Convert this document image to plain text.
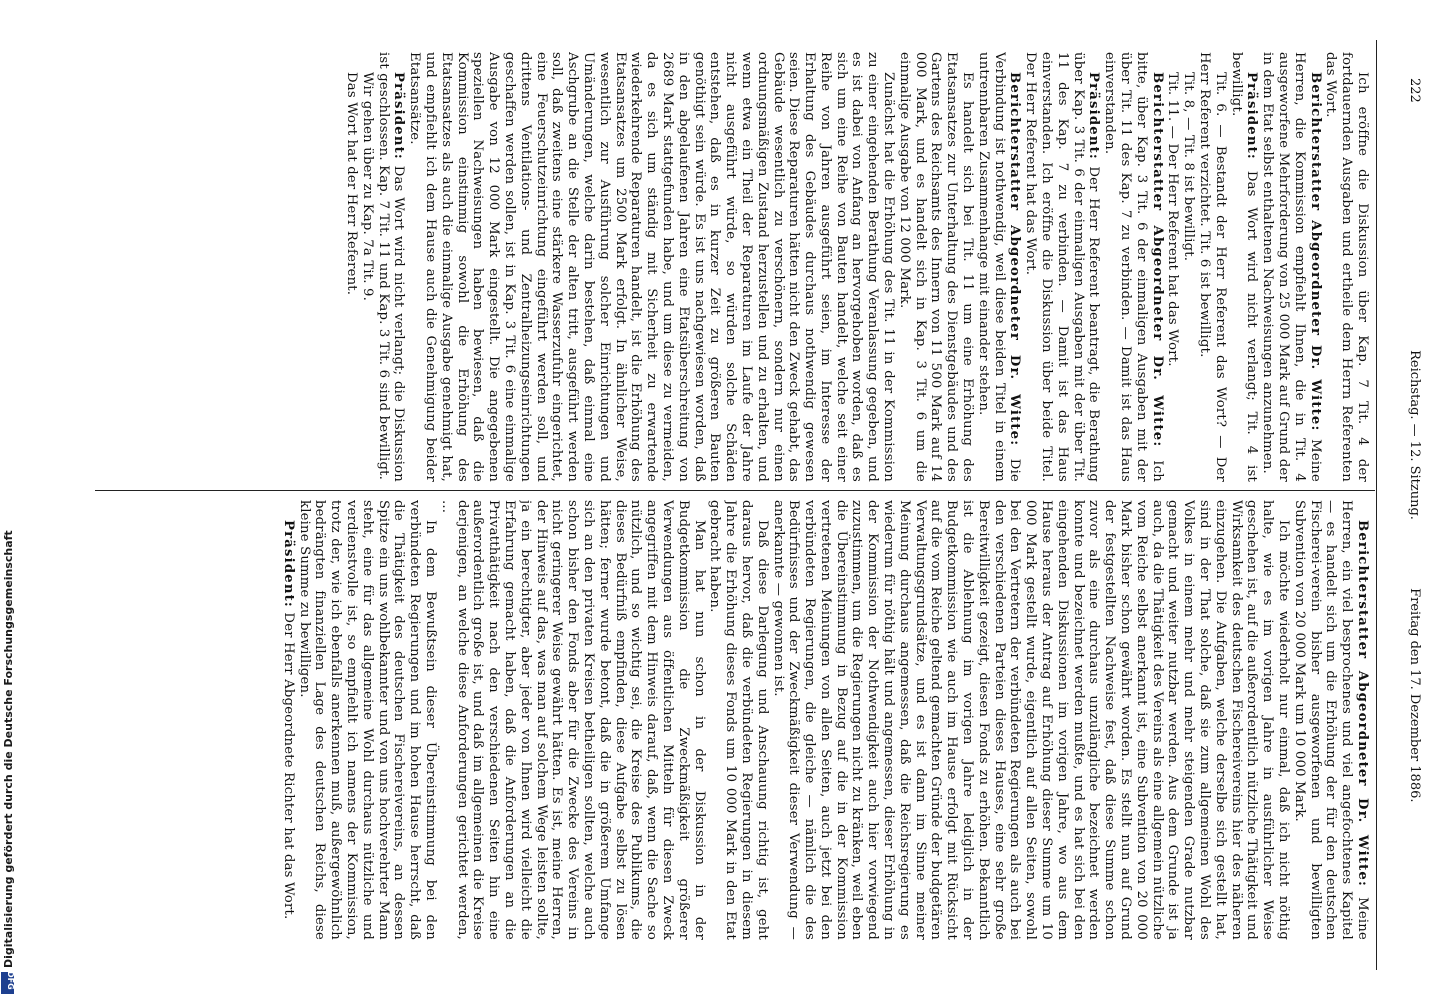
222 Reichstag. — 12. Sitzung. Freitag den 17. Dezember 1886.

Ich eröffne die Diskussion über Kap. 7 Tit. 4 der fortdauernden Ausgaben und ertheile dem Herrn Referenten das Wort.

Berichterstatter Abgeordneter Dr. Witte: Meine Herren, die Kommission empfiehlt Ihnen, die in Tit. 4 ausgeworfene Mehrforderung von 25 000 Mark auf Grund der in dem Etat selbst enthaltenen Nachweisungen anzunehmen.

Präsident: Das Wort wird nicht verlangt; Tit. 4 ist bewilligt.

Tit. 6. — Bestandt der Herr Referent das Wort? — Der Herr Referent verzichtet. Tit. 6 ist bewilligt.

Tit. 8, — Tit. 8 ist bewilligt.

Tit. 11. — Der Herr Referent hat das Wort.

Berichterstatter Abgeordneter Dr. Witte: Ich bitte, über Kap. 3 Tit. 6 der einmaligen Ausgaben mit der über Tit. 11 des Kap. 7 zu verbinden. — Damit ist das Haus einverstanden.

Präsident: Der Herr Referent beantragt, die Berathung über Kap. 3 Tit. 6 der einmaligen Ausgaben mit der über Tit. 11 des Kap. 7 zu verbinden. — Damit ist das Haus einverstanden. Ich eröffne die Diskussion über beide Titel. Der Herr Referent hat das Wort.

Berichterstatter Abgeordneter Dr. Witte: Die Verbindung ist nothwendig, weil diese beiden Titel in einem untrennbaren Zusammenhange mit einander stehen.

Es handelt sich bei Tit. 11 um eine Erhöhung des Etatsansatzes zur Unterhaltung des Dienstgebäudes und des Gartens des Reichsamts des Innern von 11 500 Mark auf 14 000 Mark, und es handelt sich in Kap. 3 Tit. 6 um die einmalige Ausgabe von 12 000 Mark.

Zunächst hat die Erhöhung des Tit. 11 in der Kommission zu einer eingehenden Berathung Veranlassung gegeben, und es ist dabei von Anfang an hervorgehoben worden, daß es sich um eine Reihe von Bauten handelt, welche seit einer Reihe von Jahren ausgeführt seien, im Interesse der Erhaltung des Gebäudes durchaus nothwendig gewesen seien. Diese Reparaturen hätten nicht den Zweck gehabt, das Gebäude wesentlich zu verschönern, sondern nur einen ordnungsmäßigen Zustand herzustellen und zu erhalten, und wenn etwa ein Theil der Reparaturen im Laufe der Jahre nicht ausgeführt würde, so würden solche Schäden entstehen, daß es in kurzer Zeit zu größeren Bauten genöthigt sein würde. Es ist uns nachgewiesen worden, daß in den abgelaufenen Jahren eine Etatsüberschreitung von 2689 Mark stattgefunden habe, und um diese zu vermeiden, da es sich um ständig mit Sicherheit zu erwartende wiederkehrende Reparaturen handelt, ist die Erhöhung des Etatsansatzes um 2500 Mark erfolgt. In ähnlicher Weise, wesentlich zur Ausführung solcher Einrichtungen und Umänderungen, welche darin bestehen, daß einmal eine Aschgrube an die Stelle der alten tritt, ausgeführt werden soll, daß zweitens eine stärkere Wasserzufuhr eingerichtet, eine Feuerschutzeinrichtung eingeführt werden soll, und drittens Ventilations- und Zentralheizungseinrichtungen geschaffen werden sollen, ist in Kap. 3 Tit. 6 eine einmalige Ausgabe von 12 000 Mark eingestellt. Die angegebenen speziellen Nachweisungen haben bewiesen, daß die Kommission einstimmig sowohl die Erhöhung des Etatsansatzes als auch die einmalige Ausgabe genehmigt hat, und empfiehlt ich dem Hause auch die Genehmigung beider Etatsansätze.

Präsident: Das Wort wird nicht verlangt; die Diskussion ist geschlossen. Kap. 7 Tit. 11 und Kap. 3 Tit. 6 sind bewilligt.

Wir gehen über zu Kap. 7a Tit. 9.

Das Wort hat der Herr Referent.

Berichterstatter Abgeordneter Dr. Witte: Meine Herren, ein viel besprochenes und viel angefochtenes Kapitel — es handelt sich um die Erhöhung der für den deutschen Fischerei-verein bisher ausgeworfenen und bewilligten Subvention von 20 000 Mark um 10 000 Mark.

Ich möchte wiederholt nur einmal, daß ich nicht nöthig halte, wie es im vorigen Jahre in ausführlicher Weise geschehen ist, auf die außerordentlich nützliche Thätigkeit und Wirksamkeit des deutschen Fischereivereins hier des näheren einzugehen. Die Aufgaben, welche derselbe sich gestellt hat, sind in der That solche, daß sie zum allgemeinen Wohl des Volkes in einem mehr und mehr steigenden Grade nutzbar gemacht und weiter nutzbar werden. Aus dem Grunde ist ja auch, da die Thätigkeit des Vereins als eine allgemein nützliche vom Reiche selbst anerkannt ist, eine Subvention von 20 000 Mark bisher schon gewährt worden. Es stellt nun auf Grund der festgestellten Nachweise fest, daß diese Summe schon zuvor als eine durchaus unzulängliche bezeichnet werden konnte und bezeichnet werden mußte, und es hat sich bei den eingehenden Diskussionen im vorigen Jahre, wo aus dem Hause heraus der Antrag auf Erhöhung dieser Summe um 10 000 Mark gestellt wurde, eigentlich auf allen Seiten, sowohl bei den Vertretern der verbündeten Regierungen als auch bei den verschiedenen Parteien dieses Hauses, eine sehr große Bereitwilligkeit gezeigt, diesen Fonds zu erhöhen. Bekanntlich ist die Ablehnung im vorigen Jahre lediglich in der Budgetkommission wie auch im Hause erfolgt mit Rücksicht auf die vom Reiche geltend gemachten Gründe der budgetären Verwaltungsgrundsätze, und es ist dann im Sinne meiner Meinung durchaus angemessen, daß die Reichsregierung es wiederum für nöthig hält und angemessen, dieser Erhöhung in der Kommission der Nothwendigkeit auch hier vorwiegend zuzustimmen, um die Regierungen nicht zu kränken, weil eben die Übereinstimmung in Bezug auf die in der Kommission vertretenen Meinungen von allen Seiten, auch jetzt bei den verbündeten Regierungen, die gleiche — nämlich die des Bedürfnisses und der Zweckmäßigkeit dieser Verwendung — anerkannte — gewonnen ist.

Daß diese Darlegung und Anschauung richtig ist, geht daraus hervor, daß die verbündeten Regierungen in diesem Jahre die Erhöhung dieses Fonds um 10 000 Mark in den Etat gebracht haben.

Man hat nun schon in der Diskussion in der Budgetkommission die Zweckmäßigkeit größerer Verwendungen aus öffentlichen Mitteln für diesen Zweck angegriffen mit dem Hinweis darauf, daß, wenn die Sache so nützlich, und so wichtig sei, die Kreise des Publikums, die dieses Bedürfniß empfinden, diese Aufgabe selbst zu lösen hätten; ferner wurde betont, daß die in größerem Umfange sich an den privaten Kreisen betheiligen sollten, welche auch schon bisher den Fonds aber für die Zwecke des Vereins in nicht geringerer Weise gewährt hätten. Es ist, meine Herren, der Hinweis auf das, was man auf solchem Wege leisten sollte, ja ein berechtigter, aber jeder von Ihnen wird vielleicht die Erfahrung gemacht haben, daß die Anforderungen an die Privatthätigkeit nach den verschiedenen Seiten hin eine außerordentlich große ist, und daß im allgemeinen die Kreise derjenigen, an welche diese Anforderungen gerichtet werden, ...

In dem Bewußtsein dieser Übereinstimmung bei den verbündeten Regierungen und im hohen Hause herrscht, daß die Thätigkeit des deutschen Fischereivereins, an dessen Spitze ein uns wohlbekannter und von uns hochverehrter Mann steht, eine für das allgemeine Wohl durchaus nützliche und verdienstvolle ist, so empfiehlt ich namens der Kommission, trotz der, wie ich ebenfalls anerkennen muß, außergewöhnlich bedrängten finanziellen Lage des deutschen Reichs, diese kleine Summe zu bewilligen.

Präsident: Der Herr Abgeordnete Richter hat das Wort.

Digitalisierung gefördert durch die Deutsche Forschungsgemeinschaft
DFG
